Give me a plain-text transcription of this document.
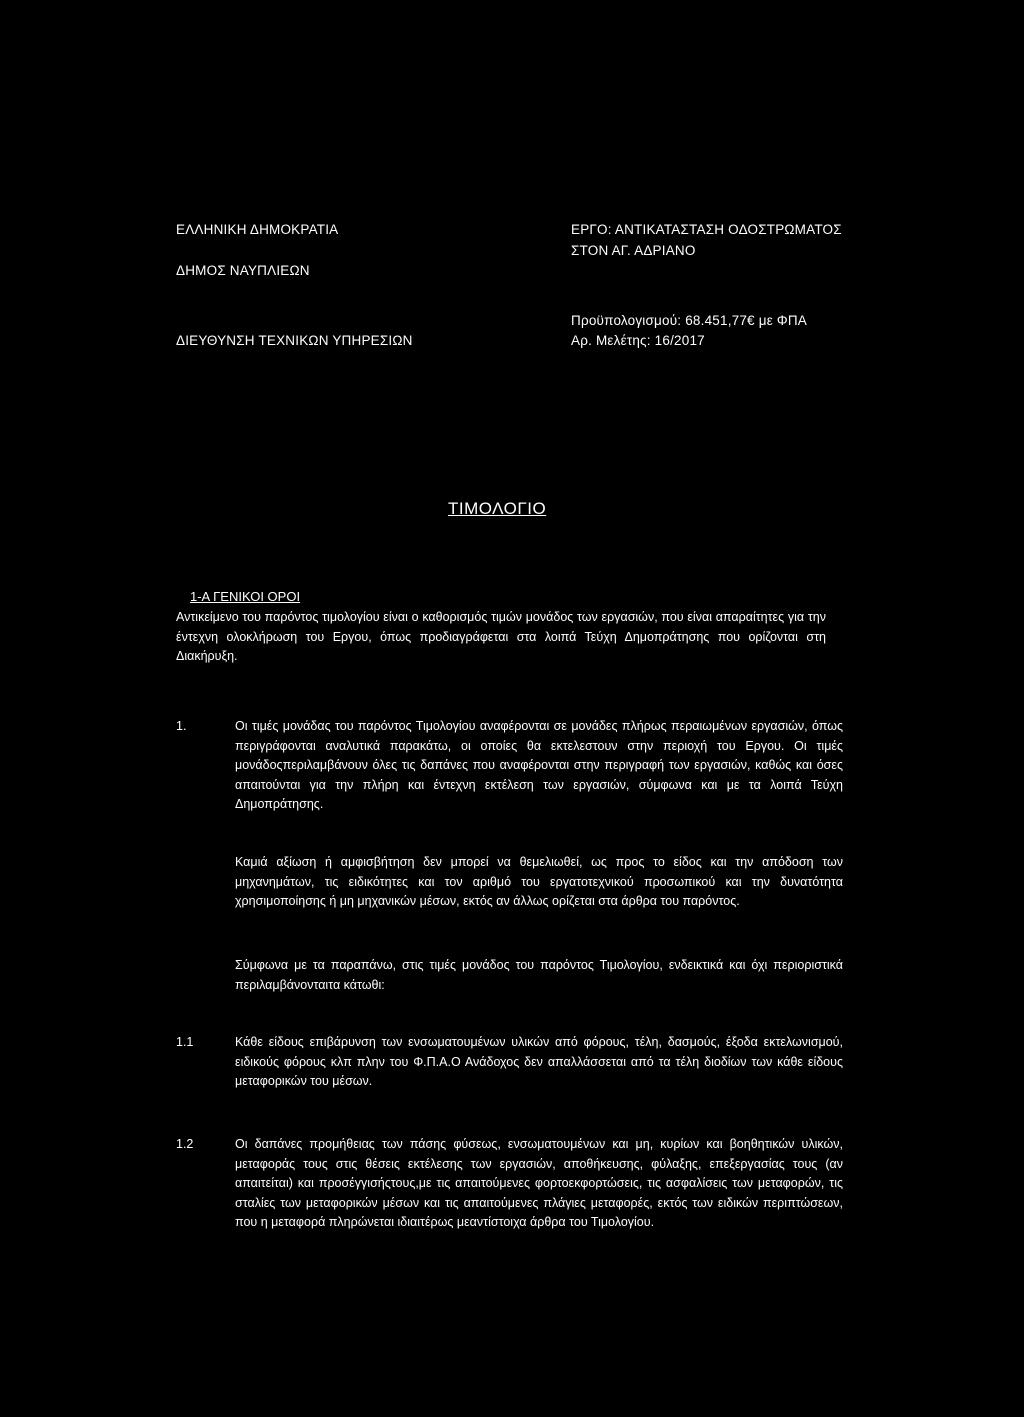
ΕΛΛΗΝΙΚΗ ΔΗΜΟΚΡΑΤΙΑ
ΔΗΜΟΣ ΝΑΥΠΛΙΕΩΝ
ΔΙΕΥΘΥΝΣΗ ΤΕΧΝΙΚΩΝ ΥΠΗΡΕΣΙΩΝ
ΕΡΓΟ: ΑΝΤΙΚΑΤΑΣΤΑΣΗ ΟΔΟΣΤΡΩΜΑΤΟΣ
ΣΤΟΝ ΑΓ. ΑΔΡΙΑΝΟ
Προϋπολογισμού: 68.451,77€ με ΦΠΑ
Αρ. Μελέτης: 16/2017
ΤΙΜΟΛΟΓΙΟ
1-Α ΓΕΝΙΚΟΙ ΟΡΟΙ
Αντικείμενο του παρόντος τιμολογίου είναι ο καθορισμός τιμών μονάδος των εργασιών, που είναι απαραίτητες για την έντεχνη ολοκλήρωση του Εργου, όπως προδιαγράφεται στα λοιπά Τεύχη Δημοπράτησης που ορίζονται στη Διακήρυξη.
1.	Οι τιμές μονάδας του παρόντος Τιμολογίου αναφέρονται σε μονάδες πλήρως περαιωμένων εργασιών, όπως περιγράφονται αναλυτικά παρακάτω, οι οποίες θα εκτελεστουν στην περιοχή του Εργου. Οι τιμές μονάδοςπεριλαμβάνουν όλες τις δαπάνες που αναφέρονται στην περιγραφή των εργασιών, καθώς και όσες απαιτούνται για την πλήρη και έντεχνη εκτέλεση των εργασιών, σύμφωνα και με τα λοιπά Τεύχη Δημοπράτησης.
Καμιά αξίωση ή αμφισβήτηση δεν μπορεί να θεμελιωθεί, ως προς το είδος και την απόδοση των μηχανημάτων, τις ειδικότητες και τον αριθμό του εργατοτεχνικού προσωπικού και την δυνατότητα χρησιμοποίησης ή μη μηχανικών μέσων, εκτός αν άλλως ορίζεται στα άρθρα του παρόντος.
Σύμφωνα με τα παραπάνω, στις τιμές μονάδος του παρόντος Τιμολογίου, ενδεικτικά και όχι περιοριστικά περιλαμβάνονταιτα κάτωθι:
1.1	Κάθε είδους επιβάρυνση των ενσωματουμένων υλικών από φόρους, τέλη, δασμούς, έξοδα εκτελωνισμού, ειδικούς φόρους κλπ πλην του Φ.Π.Α.Ο Ανάδοχος δεν απαλλάσσεται από τα τέλη διοδίων των κάθε είδους μεταφορικών του μέσων.
1.2	Οι δαπάνες προμήθειας των πάσης φύσεως, ενσωματουμένων και μη, κυρίων και βοηθητικών υλικών, μεταφοράς τους στις θέσεις εκτέλεσης των εργασιών, αποθήκευσης, φύλαξης, επεξεργασίας τους (αν απαιτείται) και προσέγγισήςτους,με τις απαιτούμενες φορτοεκφορτώσεις, τις ασφαλίσεις των μεταφορών, τις σταλίες των μεταφορικών μέσων και τις απαιτούμενες πλάγιες μεταφορές, εκτός των ειδικών περιπτώσεων, που η μεταφορά πληρώνεται ιδιαιτέρως μεαντίστοιχα άρθρα του Τιμολογίου.
